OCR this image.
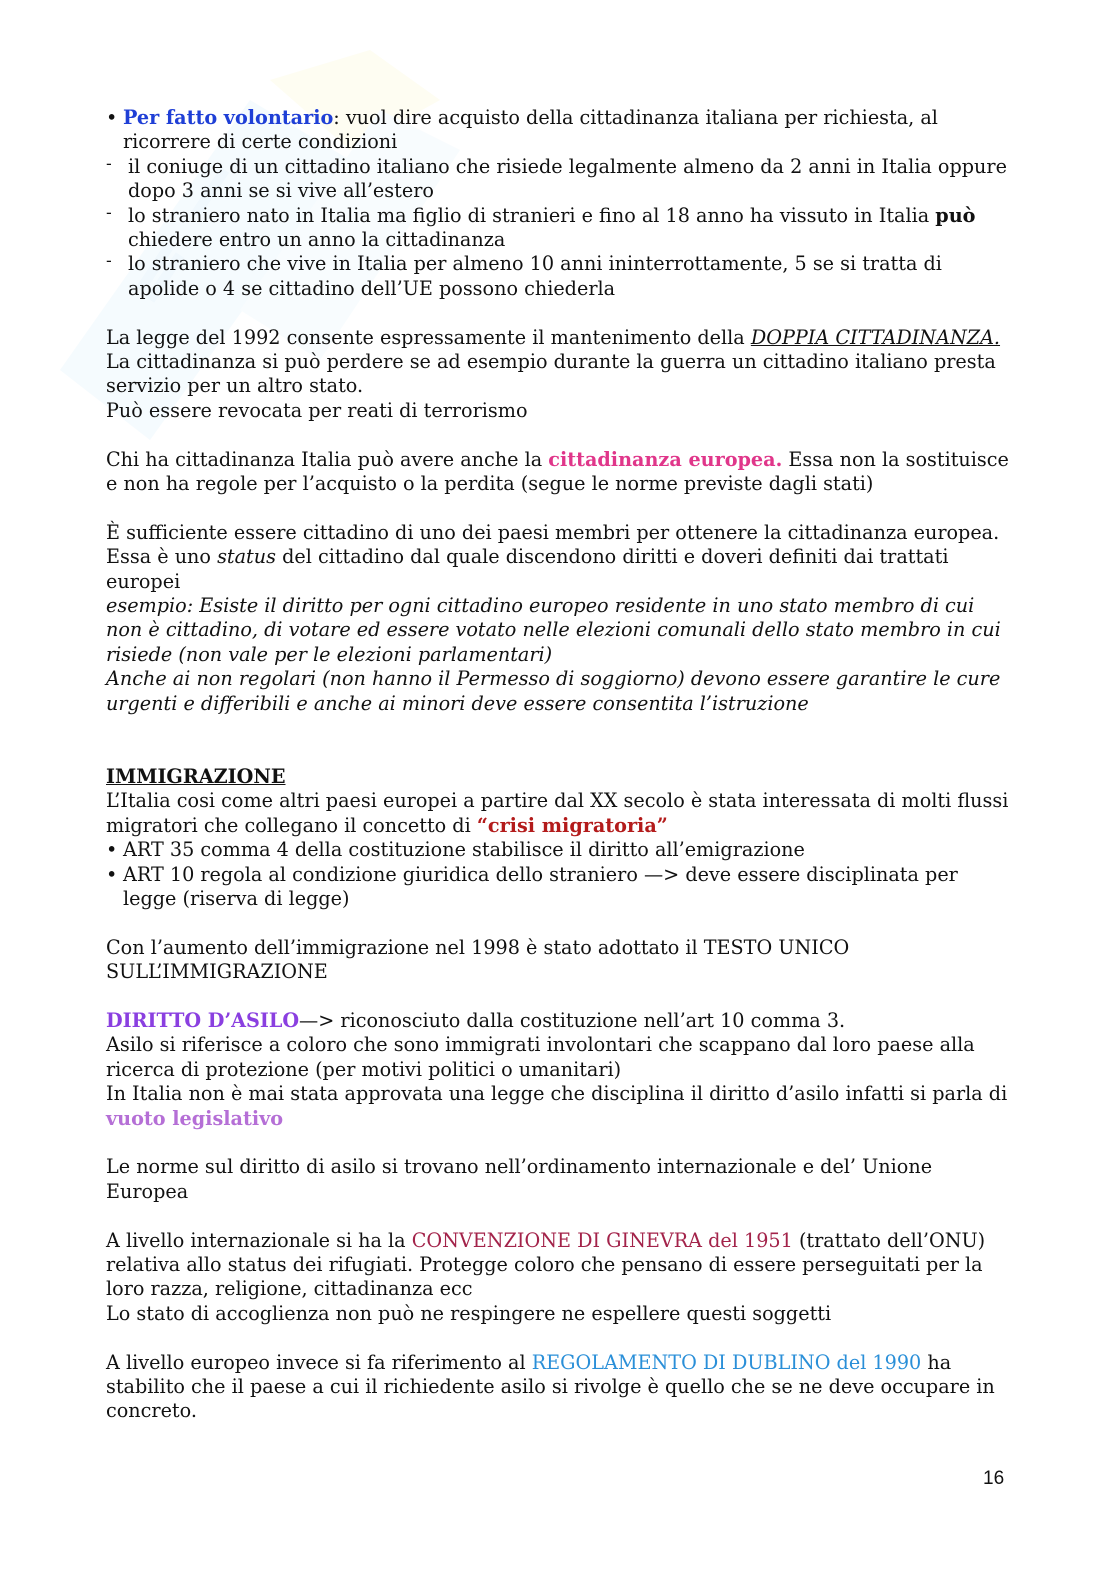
• Per fatto volontario: vuol dire acquisto della cittadinanza italiana per richiesta, al ricorrere di certe condizioni

- il coniuge di un cittadino italiano che risiede legalmente almeno da 2 anni in Italia oppure dopo 3 anni se si vive all’estero

- lo straniero nato in Italia ma figlio di stranieri e fino al 18 anno ha vissuto in Italia può chiedere entro un anno la cittadinanza

- lo straniero che vive in Italia per almeno 10 anni ininterrottamente, 5 se si tratta di apolide o 4 se cittadino dell’UE possono chiederla

La legge del 1992 consente espressamente il mantenimento della DOPPIA CITTADINANZA.

La cittadinanza si può perdere se ad esempio durante la guerra un cittadino italiano presta servizio per un altro stato.

Può essere revocata per reati di terrorismo

Chi ha cittadinanza Italia può avere anche la cittadinanza europea. Essa non la sostituisce e non ha regole per l’acquisto o la perdita (segue le norme previste dagli stati)

È sufficiente essere cittadino di uno dei paesi membri per ottenere la cittadinanza europea. Essa è uno status del cittadino dal quale discendono diritti e doveri definiti dai trattati europei

esempio: Esiste il diritto per ogni cittadino europeo residente in uno stato membro di cui non è cittadino, di votare ed essere votato nelle elezioni comunali dello stato membro in cui risiede (non vale per le elezioni parlamentari)

Anche ai non regolari (non hanno il Permesso di soggiorno) devono essere garantire le cure urgenti e differibili e anche ai minori deve essere consentita l’istruzione

IMMIGRAZIONE

L’Italia cosi come altri paesi europei a partire dal XX secolo è stata interessata di molti flussi migratori che collegano il concetto di “crisi migratoria”

• ART 35 comma 4 della costituzione stabilisce il diritto all’emigrazione

• ART 10 regola al condizione giuridica dello straniero —> deve essere disciplinata per legge (riserva di legge)

Con l’aumento dell’immigrazione nel 1998 è stato adottato il TESTO UNICO SULL’IMMIGRAZIONE

DIRITTO D’ASILO—> riconosciuto dalla costituzione nell’art 10 comma 3.

Asilo si riferisce a coloro che sono immigrati involontari che scappano dal loro paese alla ricerca di protezione (per motivi politici o umanitari)

In Italia non è mai stata approvata una legge che disciplina il diritto d’asilo infatti si parla di vuoto legislativo

Le norme sul diritto di asilo si trovano nell’ordinamento internazionale e del’ Unione Europea

A livello internazionale si ha la CONVENZIONE DI GINEVRA del 1951 (trattato dell’ONU) relativa allo status dei rifugiati. Protegge coloro che pensano di essere perseguitati per la loro razza, religione, cittadinanza ecc

Lo stato di accoglienza non può ne respingere ne espellere questi soggetti

A livello europeo invece si fa riferimento al REGOLAMENTO DI DUBLINO del 1990 ha stabilito che il paese a cui il richiedente asilo si rivolge è quello che se ne deve occupare in concreto.

16
